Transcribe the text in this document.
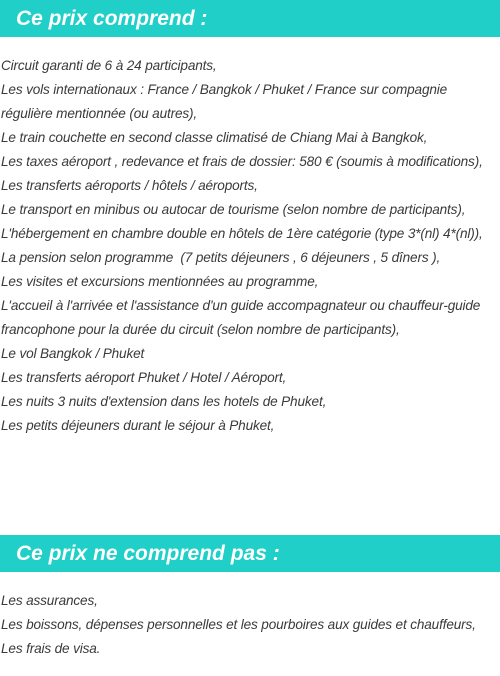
Ce prix comprend :
Circuit garanti de 6 à 24 participants,
Les vols internationaux : France / Bangkok / Phuket / France sur compagnie régulière mentionnée (ou autres),
Le train couchette en second classe climatisé de Chiang Mai à Bangkok,
Les taxes aéroport , redevance et frais de dossier: 580 € (soumis à modifications),
Les transferts aéroports / hôtels / aéroports,
Le transport en minibus ou autocar de tourisme (selon nombre de participants),
L'hébergement en chambre double en hôtels de 1ère catégorie (type 3*(nl) 4*(nl)),
La pension selon programme  (7 petits déjeuners , 6 déjeuners , 5 dîners ),
Les visites et excursions mentionnées au programme,
L'accueil à l'arrivée et l'assistance d'un guide accompagnateur ou chauffeur-guide francophone pour la durée du circuit (selon nombre de participants),
Le vol Bangkok / Phuket
Les transferts aéroport Phuket / Hotel / Aéroport,
Les nuits 3 nuits d'extension dans les hotels de Phuket,
Les petits déjeuners durant le séjour à Phuket,
Ce prix ne comprend pas :
Les assurances,
Les boissons, dépenses personnelles et les pourboires aux guides et chauffeurs,
Les frais de visa.
